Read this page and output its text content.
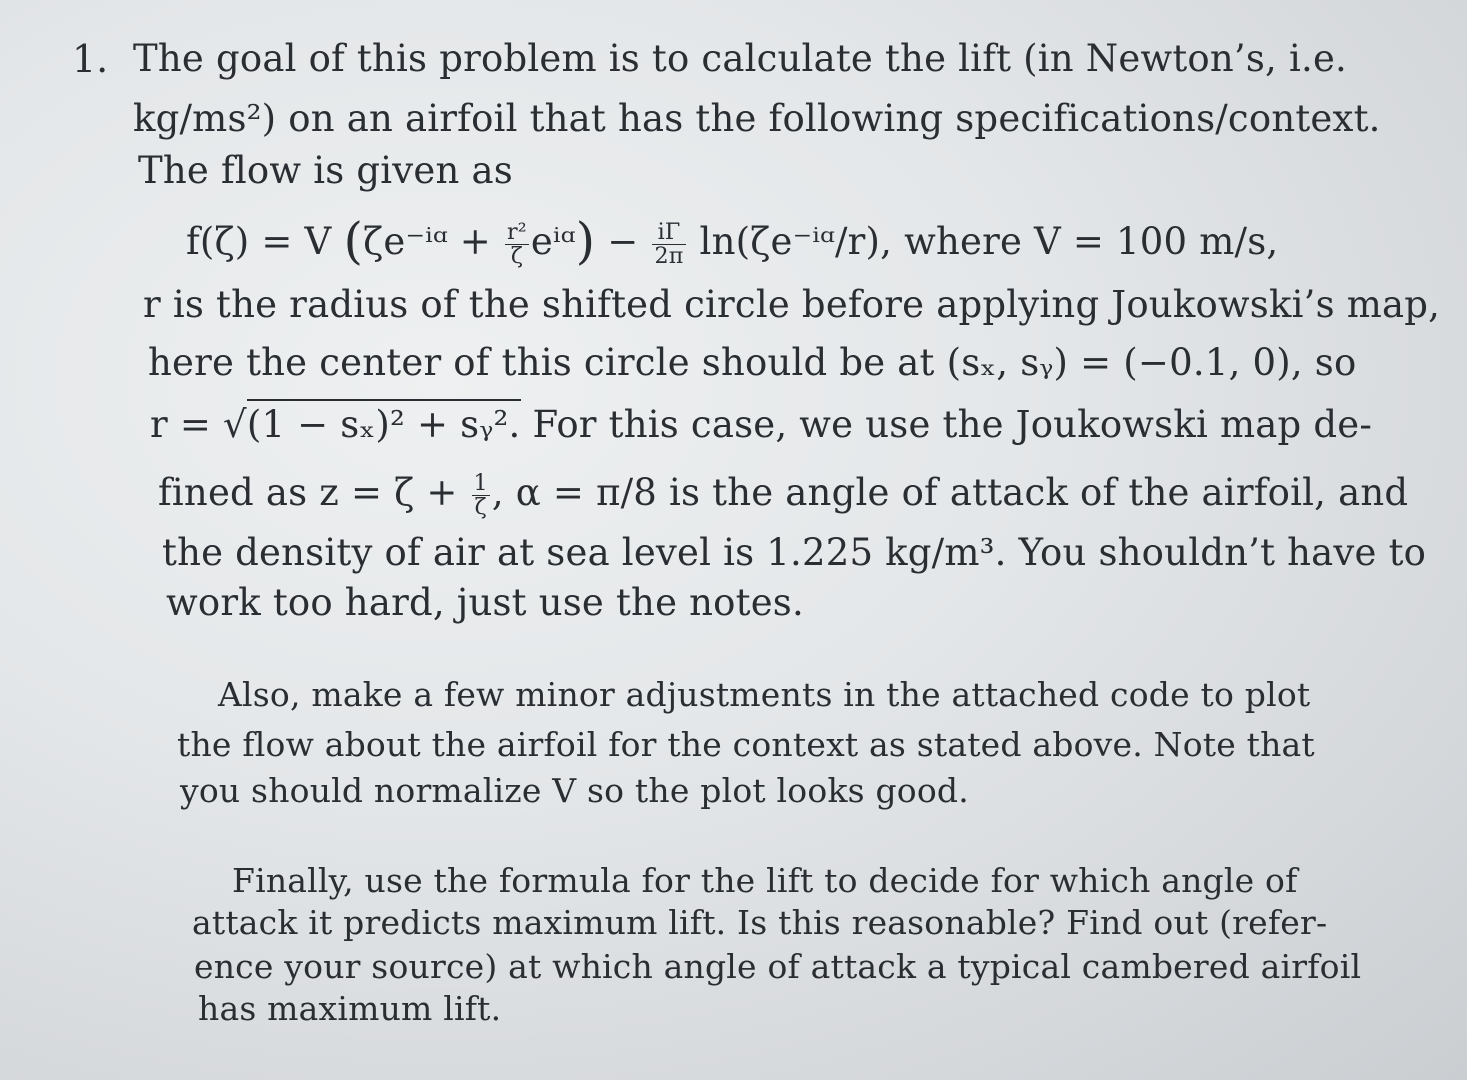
1. The goal of this problem is to calculate the lift (in Newton’s, i.e.
kg/ms²) on an airfoil that has the following specifications/context.
The flow is given as
f(ζ) = V (ζe⁻ⁱᵅ + $\frac{\text{r²}}{\zeta}$ eⁱᵅ) − $\frac{i\Gamma}{2\pi}$ ln(ζe⁻ⁱᵅ/r), where V = 100 m/s,
r is the radius of the shifted circle before applying Joukowski’s map,
here the center of this circle should be at (sₓ, sᵧ) = (−0.1, 0), so
r = √(1 − sₓ)² + sᵧ². For this case, we use the Joukowski map de-
fined as $z = \zeta + \frac{1}{\zeta}$ , α = π/8 is the angle of attack of the airfoil, and
the density of air at sea level is 1.225 kg/m³. You shouldn’t have to
work too hard, just use the notes.
Also, make a few minor adjustments in the attached code to plot
the flow about the airfoil for the context as stated above. Note that
you should normalize V so the plot looks good.
Finally, use the formula for the lift to decide for which angle of
attack it predicts maximum lift. Is this reasonable? Find out (refer-
ence your source) at which angle of attack a typical cambered airfoil
has maximum lift.
